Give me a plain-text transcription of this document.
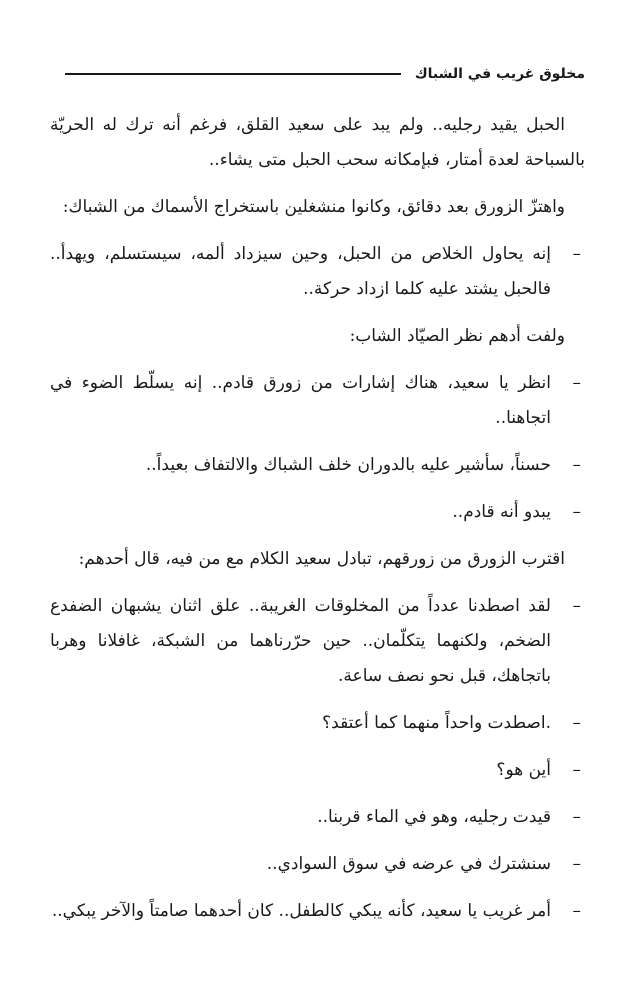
مخلوق غريب في الشباك

الحبل يقيد رجليه.. ولم يبد على سعيد القلق، فرغم أنه ترك له الحريّة بالسباحة لعدة أمتار، فبإمكانه سحب الحبل متى يشاء..

واهتزّ الزورق بعد دقائق، وكانوا منشغلين باستخراج الأسماك من الشباك:

–
إنه يحاول الخلاص من الحبل، وحين سيزداد ألمه، سيستسلم، ويهدأ.. فالحبل يشتد عليه كلما ازداد حركة..

ولفت أدهم نظر الصيّاد الشاب:

–
انظر يا سعيد، هناك إشارات من زورق قادم.. إنه يسلّط الضوء في اتجاهنا..

–
حسناً، سأشير عليه بالدوران خلف الشباك والالتفاف بعيداً..

–
يبدو أنه قادم..

اقترب الزورق من زورقهم، تبادل سعيد الكلام مع من فيه، قال أحدهم:

–
لقد اصطدنا عدداً من المخلوقات الغريبة.. علق اثنان يشبهان الضفدع الضخم، ولكنهما يتكلّمان.. حين حرّرناهما من الشبكة، غافلانا وهربا باتجاهك، قبل نحو نصف ساعة.

–
.اصطدت واحداً منهما كما أعتقد؟

–
أين هو؟

–
قيدت رجليه، وهو في الماء قربنا..

–
سنشترك في عرضه في سوق السوادي..

–
أمر غريب يا سعيد، كأنه يبكي كالطفل.. كان أحدهما صامتاً والآخر يبكي..
